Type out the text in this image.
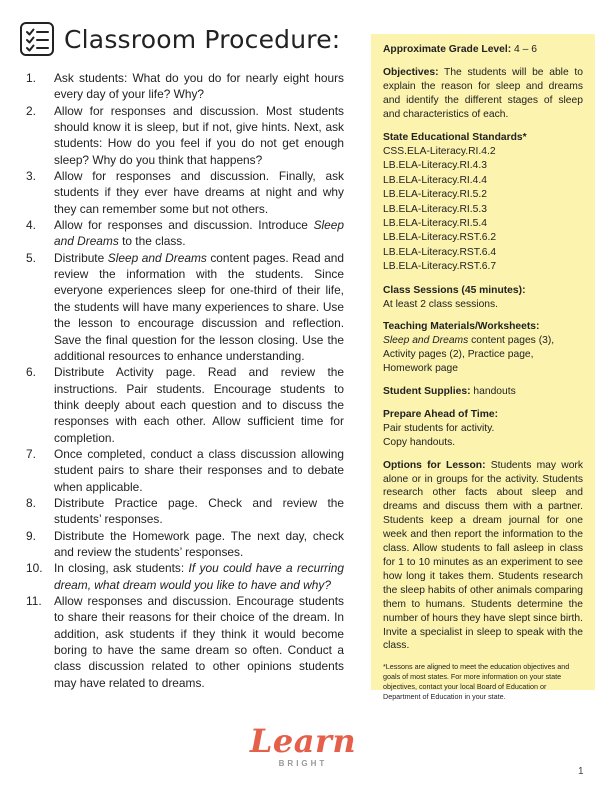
Classroom Procedure:
1.	Ask students: What do you do for nearly eight hours every day of your life? Why?
2.	Allow for responses and discussion. Most students should know it is sleep, but if not, give hints. Next, ask students: How do you feel if you do not get enough sleep? Why do you think that happens?
3.	Allow for responses and discussion. Finally, ask students if they ever have dreams at night and why they can remember some but not others.
4.	Allow for responses and discussion. Introduce Sleep and Dreams to the class.
5.	Distribute Sleep and Dreams content pages. Read and review the information with the students. Since everyone experiences sleep for one-third of their life, the students will have many experiences to share. Use the lesson to encourage discussion and reflection. Save the final question for the lesson closing. Use the additional resources to enhance understanding.
6.	Distribute Activity page. Read and review the instructions. Pair students. Encourage students to think deeply about each question and to discuss the responses with each other. Allow sufficient time for completion.
7.	Once completed, conduct a class discussion allowing student pairs to share their responses and to debate when applicable.
8.	Distribute Practice page. Check and review the students’ responses.
9.	Distribute the Homework page. The next day, check and review the students’ responses.
10. In closing, ask students: If you could have a recurring dream, what dream would you like to have and why?
11.	Allow responses and discussion. Encourage students to share their reasons for their choice of the dream. In addition, ask students if they think it would become boring to have the same dream so often. Conduct a class discussion related to other opinions students may have related to dreams.

Approximate Grade Level: 4 – 6

Objectives: The students will be able to explain the reason for sleep and dreams and identify the different stages of sleep and characteristics of each.

State Educational Standards*
CSS.ELA-Literacy.RI.4.2
LB.ELA-Literacy.RI.4.3
LB.ELA-Literacy.RI.4.4
LB.ELA-Literacy.RI.5.2
LB.ELA-Literacy.RI.5.3
LB.ELA-Literacy.RI.5.4
LB.ELA-Literacy.RST.6.2
LB.ELA-Literacy.RST.6.4
LB.ELA-Literacy.RST.6.7

Class Sessions (45 minutes):
At least 2 class sessions.

Teaching Materials/Worksheets:
Sleep and Dreams content pages (3), Activity pages (2), Practice page, Homework page

Student Supplies: handouts

Prepare Ahead of Time:
Pair students for activity.
Copy handouts.

Options for Lesson: Students may work alone or in groups for the activity. Students research other facts about sleep and dreams and discuss them with a partner. Students keep a dream journal for one week and then report the information to the class. Allow students to fall asleep in class for 1 to 10 minutes as an experiment to see how long it takes them. Students research the sleep habits of other animals comparing them to humans. Students determine the number of hours they have slept since birth. Invite a specialist in sleep to speak with the class.

*Lessons are aligned to meet the education objectives and goals of most states. For more information on your state objectives, contact your local Board of Education or Department of Education in your state.

Learn
BRIGHT
1
